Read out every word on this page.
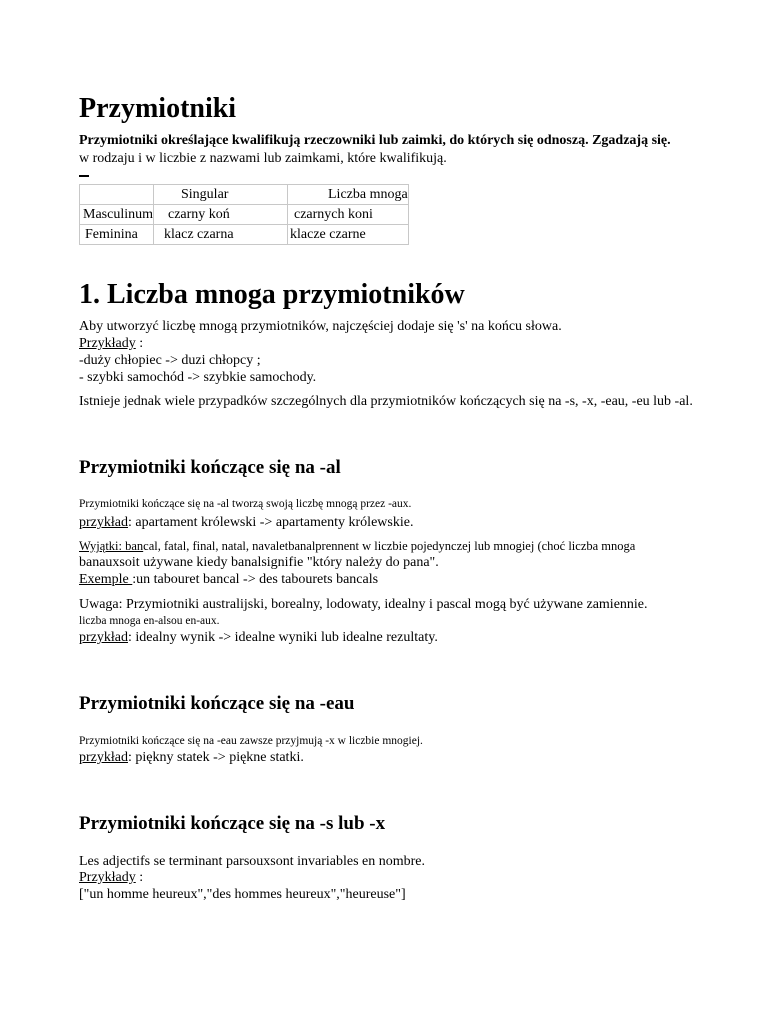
Przymiotniki
Przymiotniki określające kwalifikują rzeczowniki lub zaimki, do których się odnoszą. Zgadzają się.
w rodzaju i w liczbie z nazwami lub zaimkami, które kwalifikują.
	Singular	Liczba mnoga
Masculinum	czarny koń	czarnych koni
Feminina	klacz czarna	klacze czarne
1. Liczba mnoga przymiotników
Aby utworzyć liczbę mnogą przymiotników, najczęściej dodaje się 's' na końcu słowa.
Przykłady :
-duży chłopiec -> duzi chłopcy ;
- szybki samochód -> szybkie samochody.
Istnieje jednak wiele przypadków szczególnych dla przymiotników kończących się na -s, -x, -eau, -eu lub -al.
Przymiotniki kończące się na -al
Przymiotniki kończące się na -al tworzą swoją liczbę mnogą przez -aux.
przykład: apartament królewski -> apartamenty królewskie.
Wyjątki: bancal, fatal, final, natal, navaletbanalprennent w liczbie pojedynczej lub mnogiej (choć liczba mnoga
banauxsoit używane kiedy banalsignifie "który należy do pana".
Exemple :un tabouret bancal -> des tabourets bancals
Uwaga: Przymiotniki australijski, borealny, lodowaty, idealny i pascal mogą być używane zamiennie.
liczba mnoga en-alsou en-aux.
przykład: idealny wynik -> idealne wyniki lub idealne rezultaty.
Przymiotniki kończące się na -eau
Przymiotniki kończące się na -eau zawsze przyjmują -x w liczbie mnogiej.
przykład: piękny statek -> piękne statki.
Przymiotniki kończące się na -s lub -x
Les adjectifs se terminant parsouxsont invariables en nombre.
Przykłady :
["un homme heureux","des hommes heureux","heureuse"]
